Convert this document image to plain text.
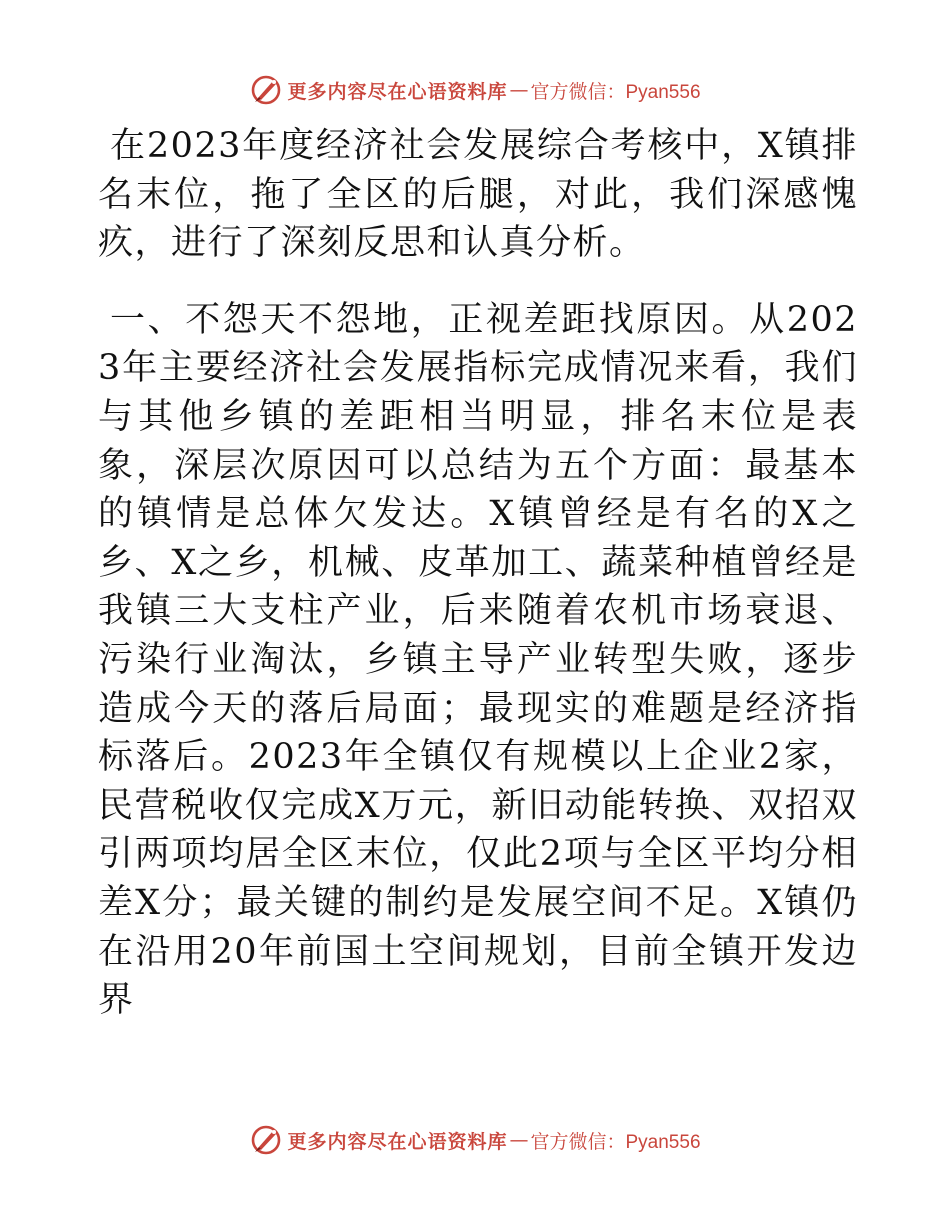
更多内容尽在心语资料库 — 官方微信：Pyan556

在2023年度经济社会发展综合考核中，X镇排名末位，拖了全区的后腿，对此，我们深感愧疚，进行了深刻反思和认真分析。

一、不怨天不怨地，正视差距找原因。从2023年主要经济社会发展指标完成情况来看，我们与其他乡镇的差距相当明显，排名末位是表象，深层次原因可以总结为五个方面：最基本的镇情是总体欠发达。X镇曾经是有名的X之乡、X之乡，机械、皮革加工、蔬菜种植曾经是我镇三大支柱产业，后来随着农机市场衰退、污染行业淘汰，乡镇主导产业转型失败，逐步造成今天的落后局面；最现实的难题是经济指标落后。2023年全镇仅有规模以上企业2家，民营税收仅完成X万元，新旧动能转换、双招双引两项均居全区末位，仅此2项与全区平均分相差X分；最关键的制约是发展空间不足。X镇仍在沿用20年前国土空间规划，目前全镇开发边界

更多内容尽在心语资料库 — 官方微信：Pyan556
